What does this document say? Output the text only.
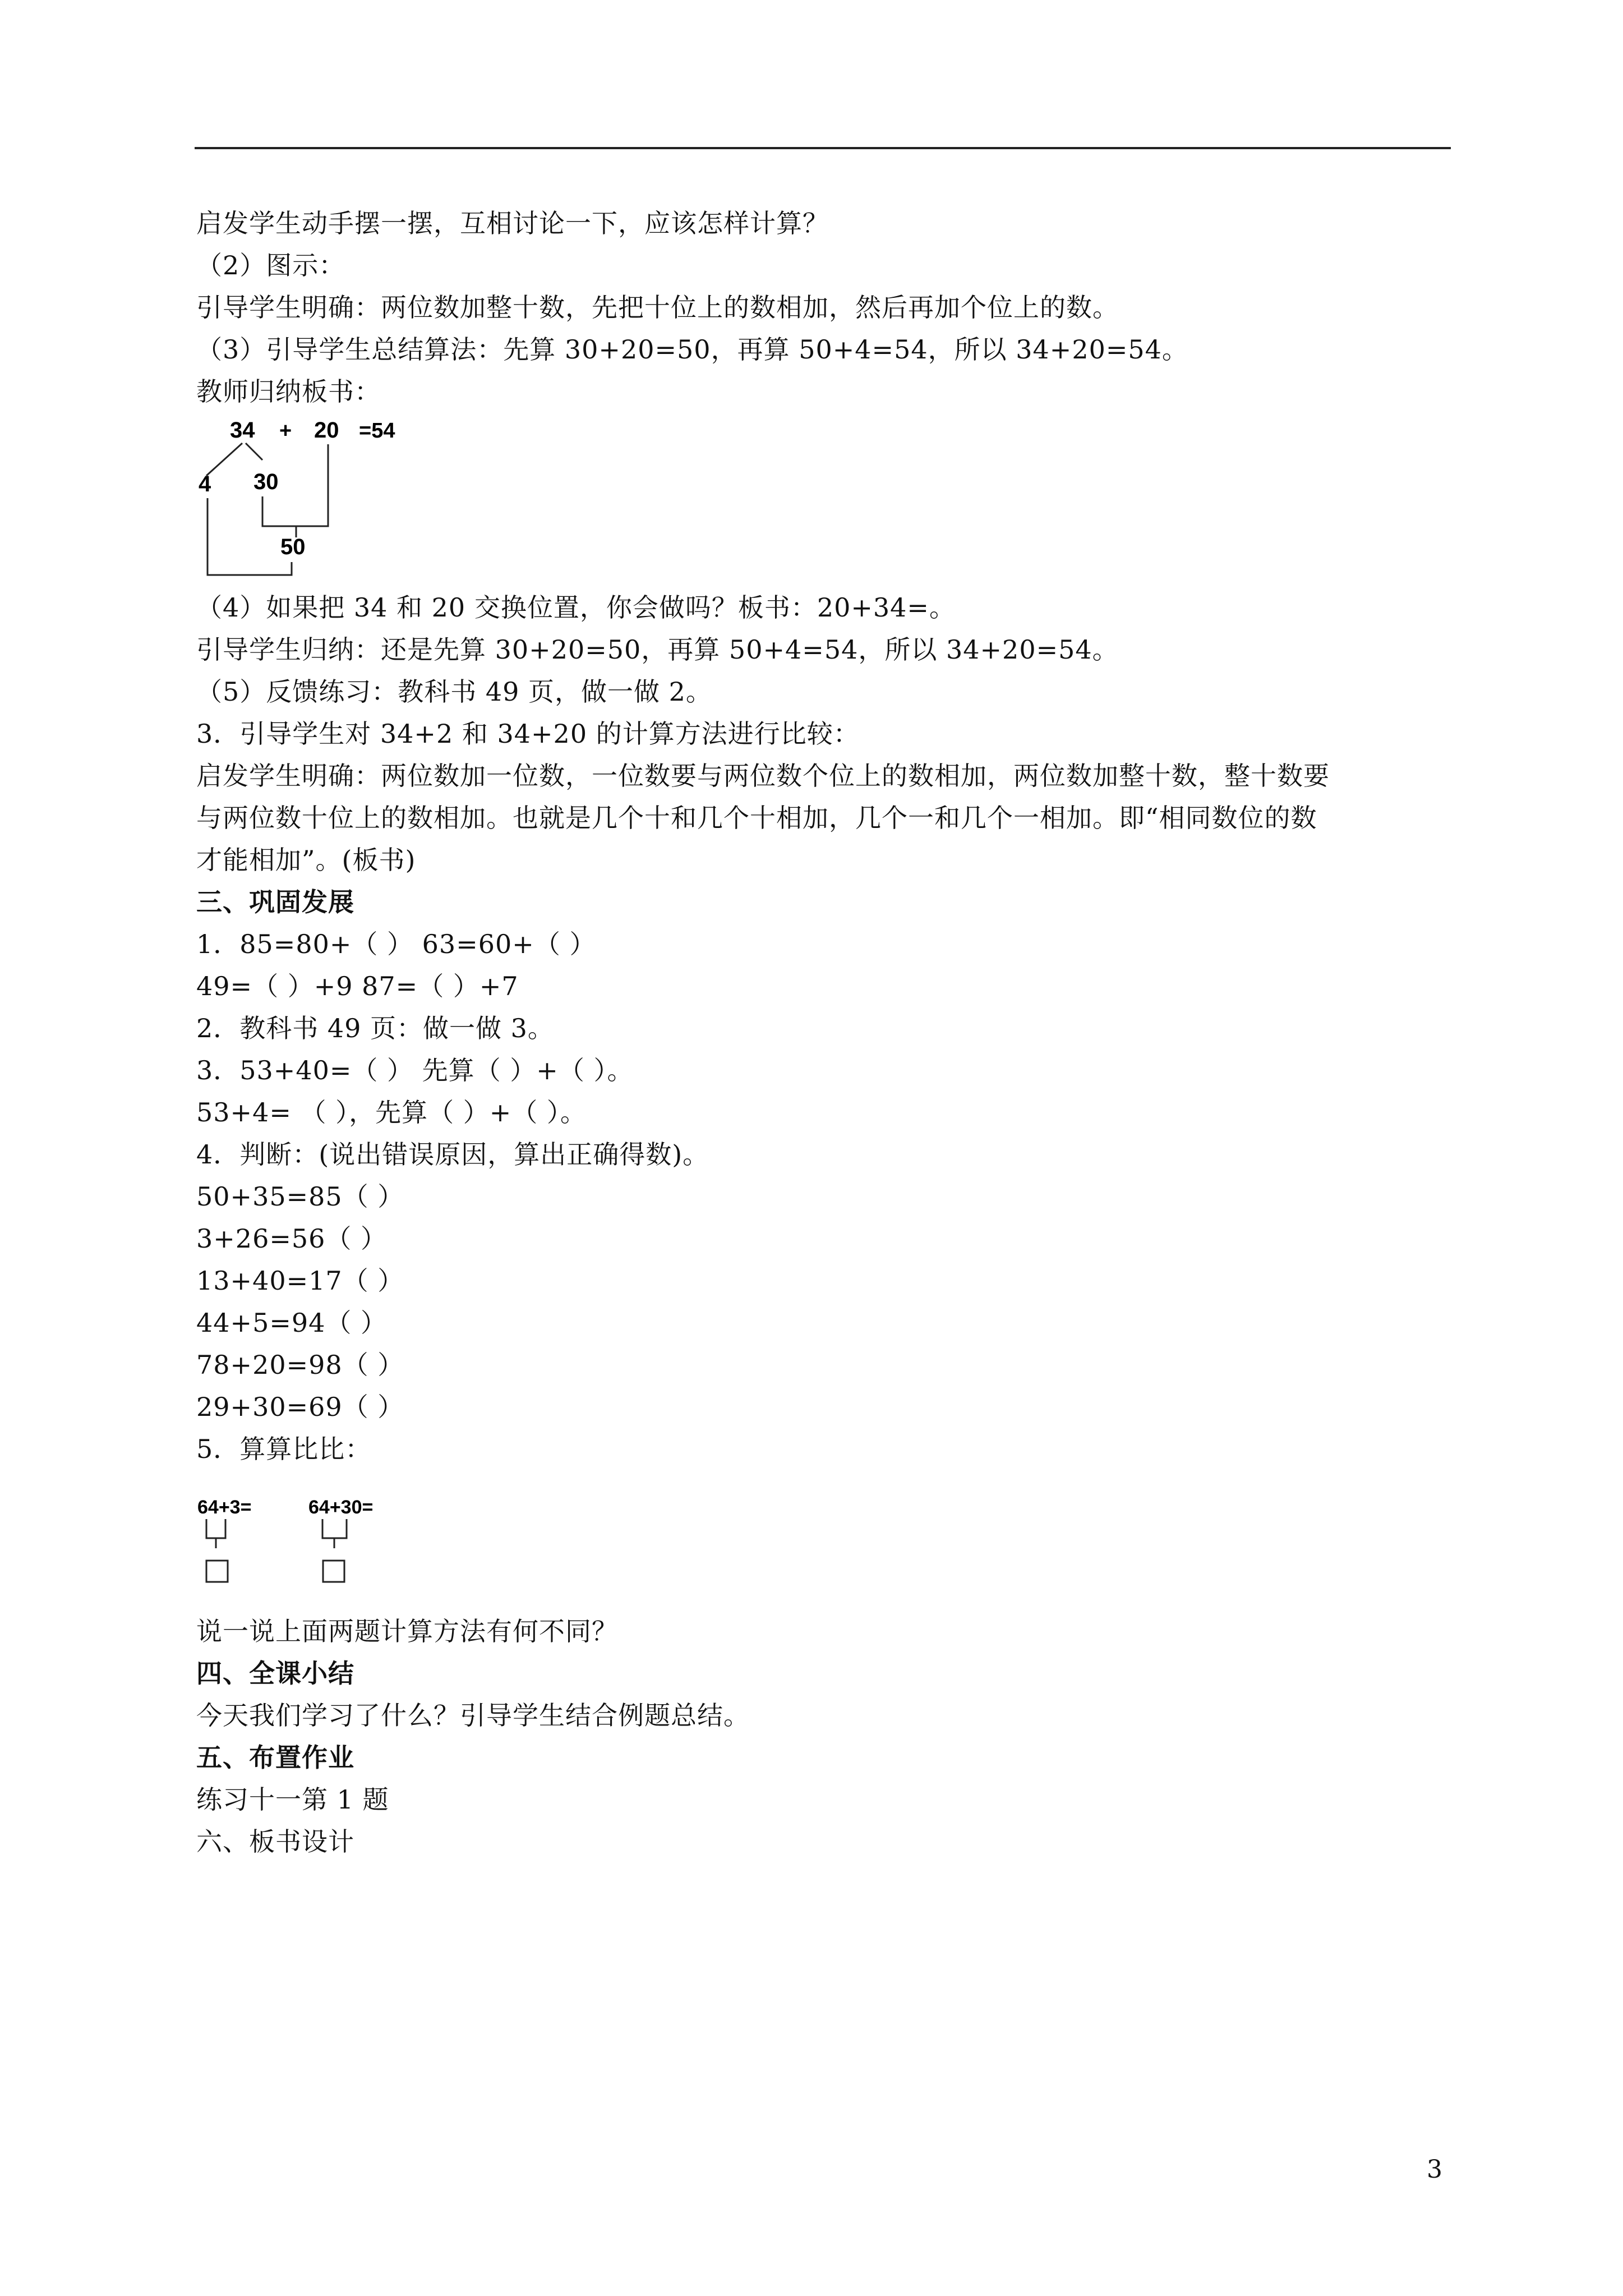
启发学生动手摆一摆，互相讨论一下，应该怎样计算？
（2）图示：
引导学生明确：两位数加整十数，先把十位上的数相加，然后再加个位上的数。
（3）引导学生总结算法：先算 30+20=50，再算 50+4=54，所以 34+20=54。
教师归纳板书：
34 + 20 =54
4 30
50
（4）如果把 34 和 20 交换位置，你会做吗？板书：20+34=。
引导学生归纳：还是先算 30+20=50，再算 50+4=54，所以 34+20=54。
（5）反馈练习：教科书 49 页，做一做 2。
3．引导学生对 34+2 和 34+20 的计算方法进行比较：
启发学生明确：两位数加一位数，一位数要与两位数个位上的数相加，两位数加整十数，整十数要
与两位数十位上的数相加。也就是几个十和几个十相加，几个一和几个一相加。即“相同数位的数
才能相加”。(板书)
三、巩固发展
1．85=80+（ ） 63=60+（ ）
49=（ ）+9 87=（ ）+7
2．教科书 49 页：做一做 3。
3．53+40=（ ） 先算（ ）+（ ）。
53+4= （ ），先算（ ）+（ ）。
4．判断：(说出错误原因，算出正确得数)。
50+35=85（ ）
3+26=56（ ）
13+40=17（ ）
44+5=94（ ）
78+20=98（ ）
29+30=69（ ）
5．算算比比：
64+3=	64+30=
说一说上面两题计算方法有何不同？
四、全课小结
今天我们学习了什么？引导学生结合例题总结。
五、布置作业
练习十一第 1 题
六、板书设计
3
